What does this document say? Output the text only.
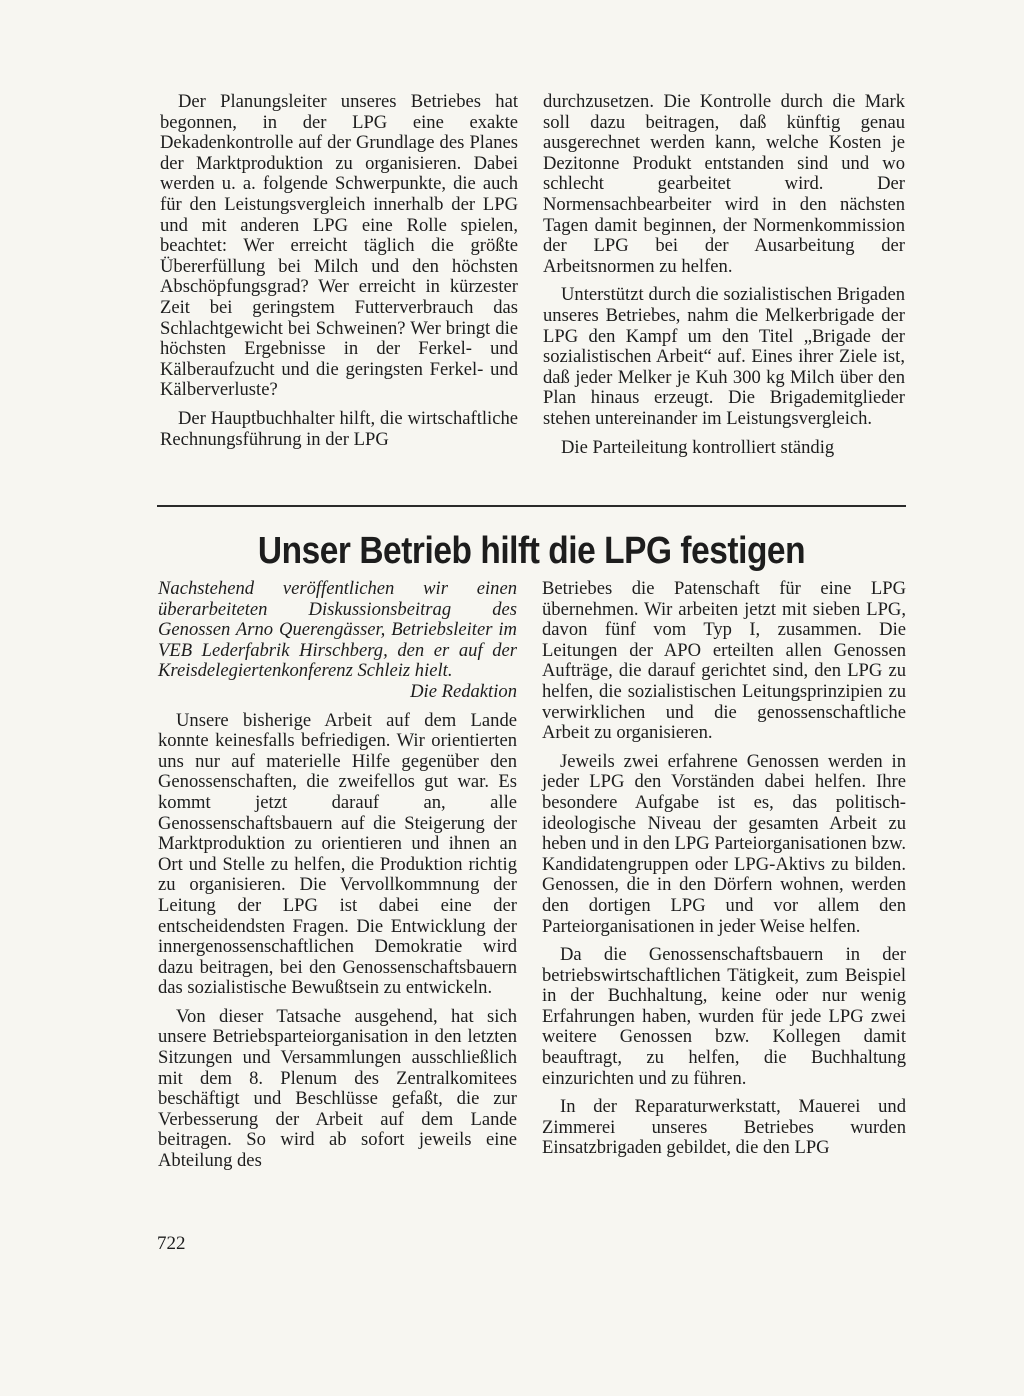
Der Planungsleiter unseres Betriebes hat begonnen, in der LPG eine exakte Dekadenkontrolle auf der Grundlage des Planes der Marktproduktion zu organisieren. Dabei werden u. a. folgende Schwerpunkte, die auch für den Leistungsvergleich innerhalb der LPG und mit anderen LPG eine Rolle spielen, beachtet: Wer erreicht täglich die größte Übererfüllung bei Milch und den höchsten Abschöpfungsgrad? Wer erreicht in kürzester Zeit bei geringstem Futterverbrauch das Schlachtgewicht bei Schweinen? Wer bringt die höchsten Ergebnisse in der Ferkel- und Kälberaufzucht und die geringsten Ferkel- und Kälberverluste?

Der Hauptbuchhalter hilft, die wirtschaftliche Rechnungsführung in der LPG

durchzusetzen. Die Kontrolle durch die Mark soll dazu beitragen, daß künftig genau ausgerechnet werden kann, welche Kosten je Dezitonne Produkt entstanden sind und wo schlecht gearbeitet wird. Der Normensachbearbeiter wird in den nächsten Tagen damit beginnen, der Normenkommission der LPG bei der Ausarbeitung der Arbeitsnormen zu helfen.

Unterstützt durch die sozialistischen Brigaden unseres Betriebes, nahm die Melkerbrigade der LPG den Kampf um den Titel „Brigade der sozialistischen Arbeit“ auf. Eines ihrer Ziele ist, daß jeder Melker je Kuh 300 kg Milch über den Plan hinaus erzeugt. Die Brigademitglieder stehen untereinander im Leistungsvergleich.

Die Parteileitung kontrolliert ständig

Unser Betrieb hilft die LPG festigen

Nachstehend veröffentlichen wir einen überarbeiteten Diskussionsbeitrag des Genossen Arno Querengässer, Betriebsleiter im VEB Lederfabrik Hirschberg, den er auf der Kreisdelegiertenkonferenz Schleiz hielt.
Die Redaktion

Unsere bisherige Arbeit auf dem Lande konnte keinesfalls befriedigen. Wir orientierten uns nur auf materielle Hilfe gegenüber den Genossenschaften, die zweifellos gut war. Es kommt jetzt darauf an, alle Genossenschaftsbauern auf die Steigerung der Marktproduktion zu orientieren und ihnen an Ort und Stelle zu helfen, die Produktion richtig zu organisieren. Die Vervollkommnung der Leitung der LPG ist dabei eine der entscheidendsten Fragen. Die Entwicklung der innergenossenschaftlichen Demokratie wird dazu beitragen, bei den Genossenschaftsbauern das sozialistische Bewußtsein zu entwickeln.

Von dieser Tatsache ausgehend, hat sich unsere Betriebsparteiorganisation in den letzten Sitzungen und Versammlungen ausschließlich mit dem 8. Plenum des Zentralkomitees beschäftigt und Beschlüsse gefaßt, die zur Verbesserung der Arbeit auf dem Lande beitragen. So wird ab sofort jeweils eine Abteilung des

Betriebes die Patenschaft für eine LPG übernehmen. Wir arbeiten jetzt mit sieben LPG, davon fünf vom Typ I, zusammen. Die Leitungen der APO erteilten allen Genossen Aufträge, die darauf gerichtet sind, den LPG zu helfen, die sozialistischen Leitungsprinzipien zu verwirklichen und die genossenschaftliche Arbeit zu organisieren.

Jeweils zwei erfahrene Genossen werden in jeder LPG den Vorständen dabei helfen. Ihre besondere Aufgabe ist es, das politisch-ideologische Niveau der gesamten Arbeit zu heben und in den LPG Parteiorganisationen bzw. Kandidatengruppen oder LPG-Aktivs zu bilden. Genossen, die in den Dörfern wohnen, werden den dortigen LPG und vor allem den Parteiorganisationen in jeder Weise helfen.

Da die Genossenschaftsbauern in der betriebswirtschaftlichen Tätigkeit, zum Beispiel in der Buchhaltung, keine oder nur wenig Erfahrungen haben, wurden für jede LPG zwei weitere Genossen bzw. Kollegen damit beauftragt, zu helfen, die Buchhaltung einzurichten und zu führen.

In der Reparaturwerkstatt, Mauerei und Zimmerei unseres Betriebes wurden Einsatzbrigaden gebildet, die den LPG

722
